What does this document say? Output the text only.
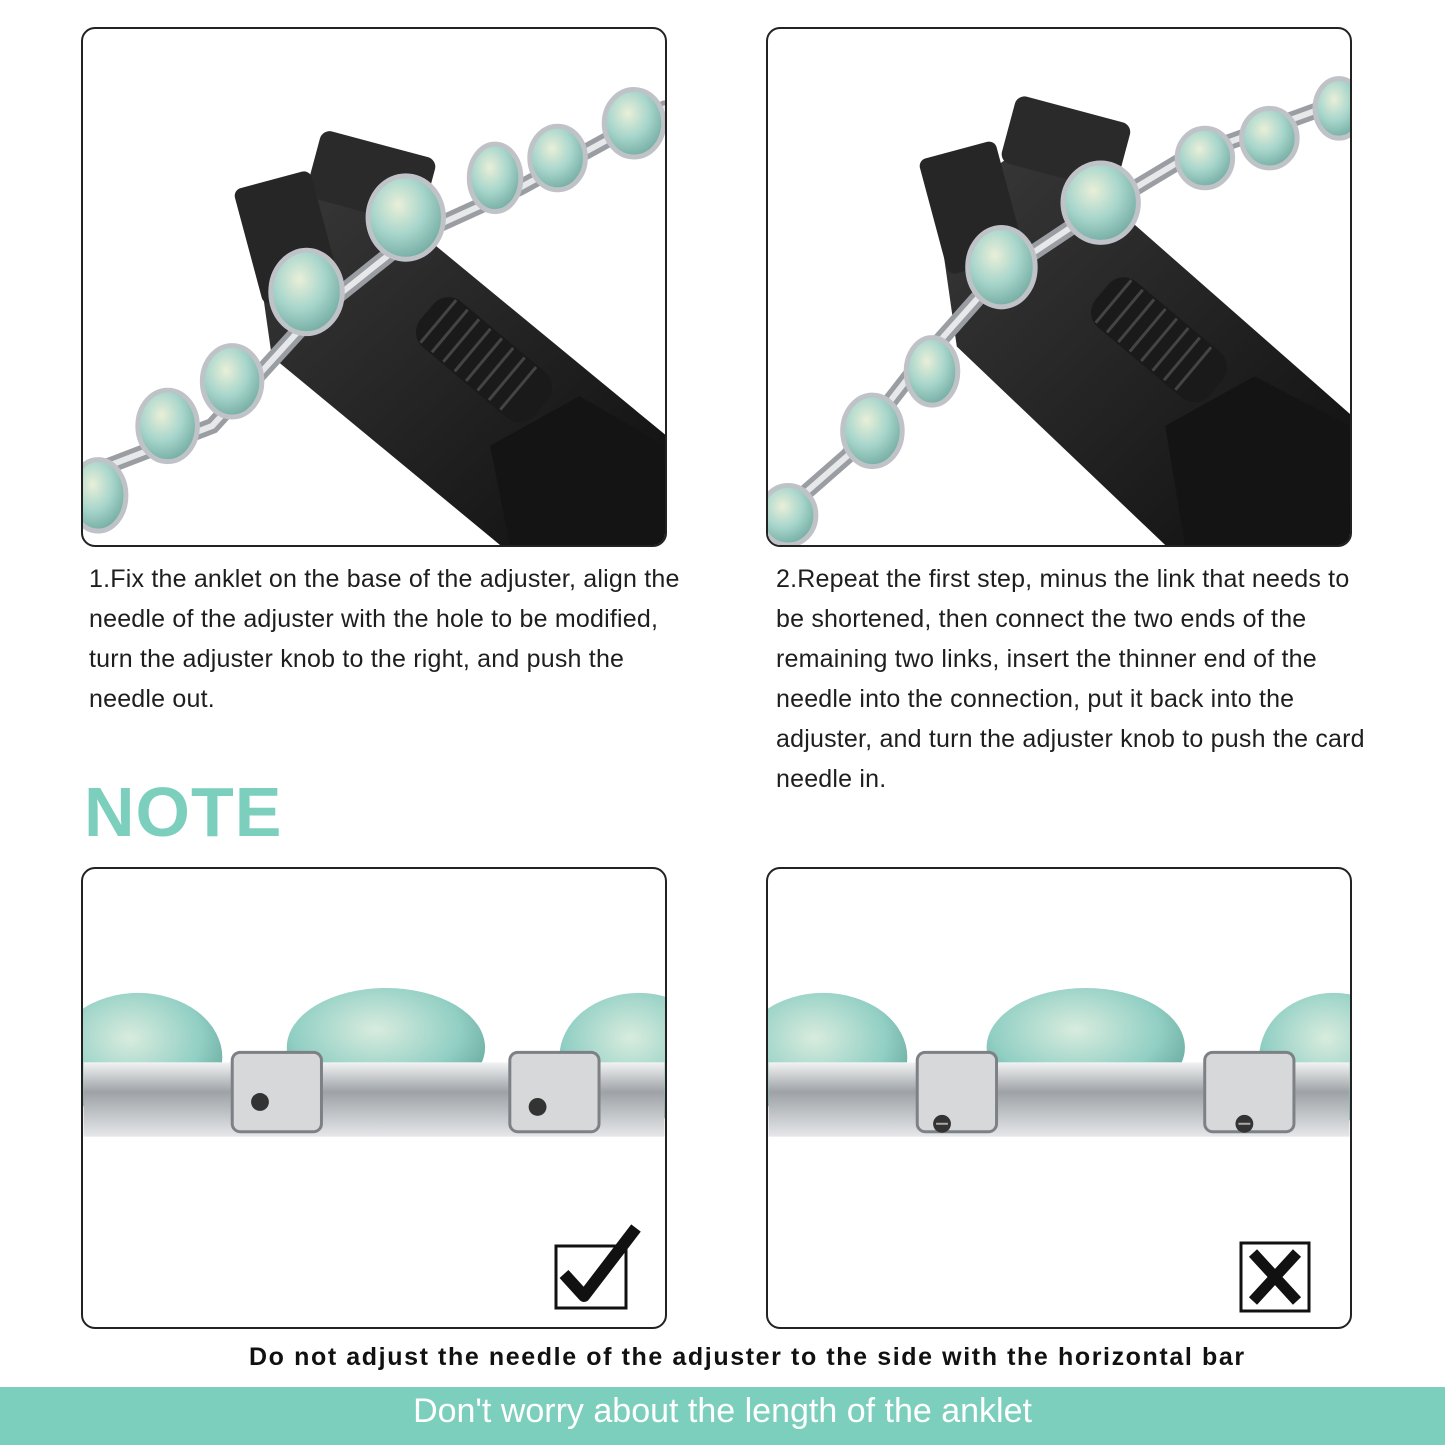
1.Fix the anklet on the base of the adjuster, align the needle of the adjuster with the hole to be modified, turn the adjuster knob to the right, and push the needle out.
2.Repeat the first step, minus the link that needs to be shortened, then connect the two ends of the remaining two links, insert the thinner end of the needle into the connection, put it back into the adjuster, and turn the adjuster knob to push the card needle in.
NOTE
Do not adjust the needle of the adjuster to the side with the horizontal bar
Don't worry about the length of the anklet
